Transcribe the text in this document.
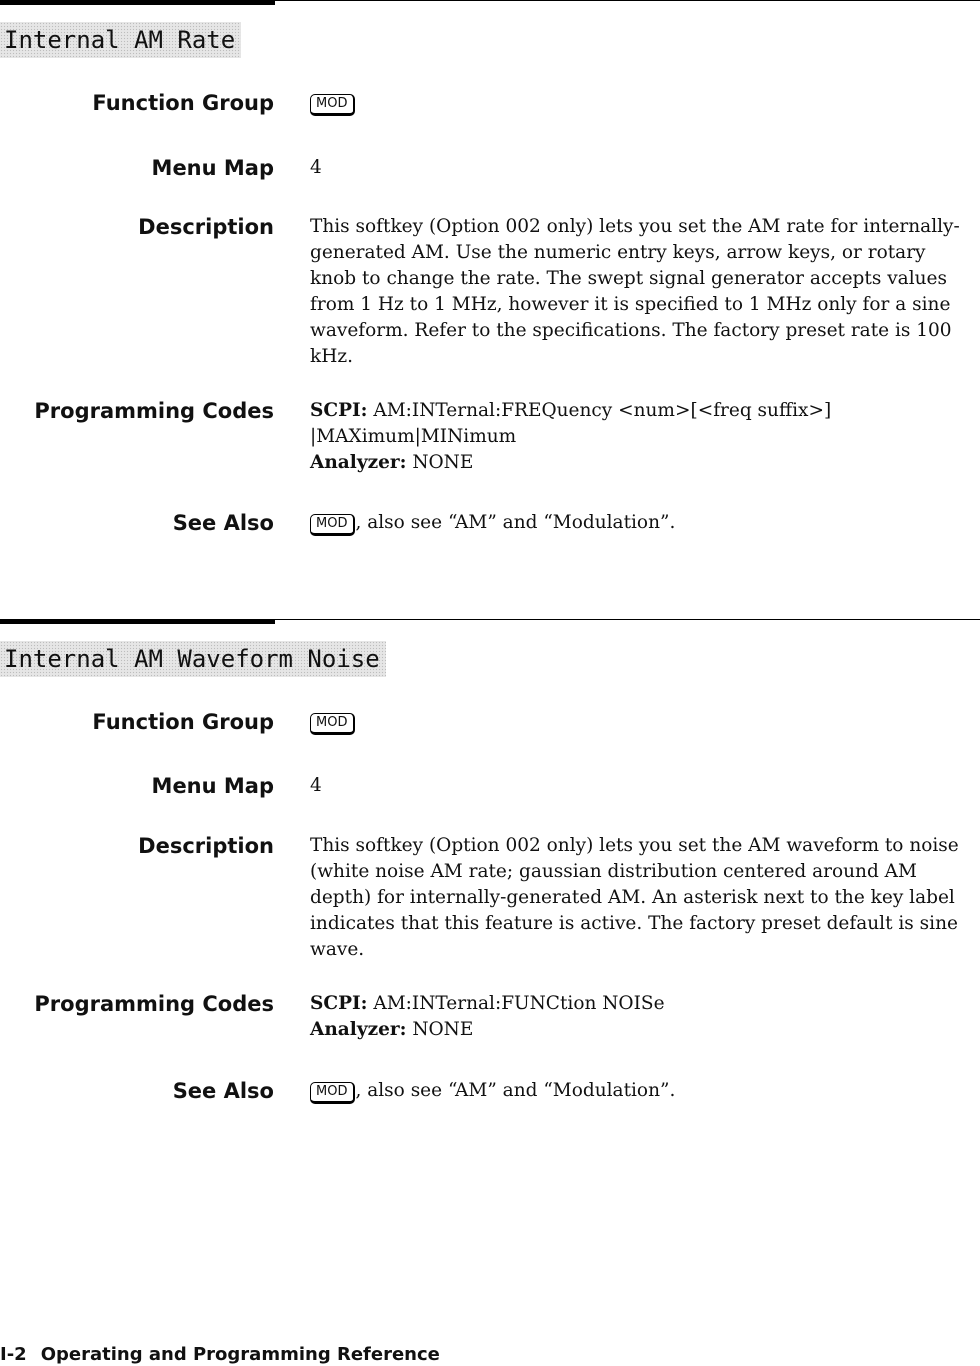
Internal AM Rate
Function Group	MOD
Menu Map 4
Description This softkey (Option 002 only) lets you set the AM rate for internally-generated AM. Use the numeric entry keys, arrow keys, or rotary knob to change the rate. The swept signal generator accepts values from 1 Hz to 1 MHz, however it is specified to 1 MHz only for a sine waveform. Refer to the specifications. The factory preset rate is 100 kHz.
Programming Codes SCPI: AM:INTernal:FREQuency <num>[<freq suffix>]
|MAXimum|MINimum
Analyzer: NONE
See Also	MOD , also see “AM” and “Modulation”.
Internal AM Waveform Noise
Function Group	MOD
Menu Map 4
Description This softkey (Option 002 only) lets you set the AM waveform to noise (white noise AM rate; gaussian distribution centered around AM depth) for internally-generated AM. An asterisk next to the key label indicates that this feature is active. The factory preset default is sine wave.
Programming Codes SCPI: AM:INTernal:FUNCtion NOISe
Analyzer: NONE
See Also	MOD , also see “AM” and “Modulation”.
I-2 Operating and Programming Reference
